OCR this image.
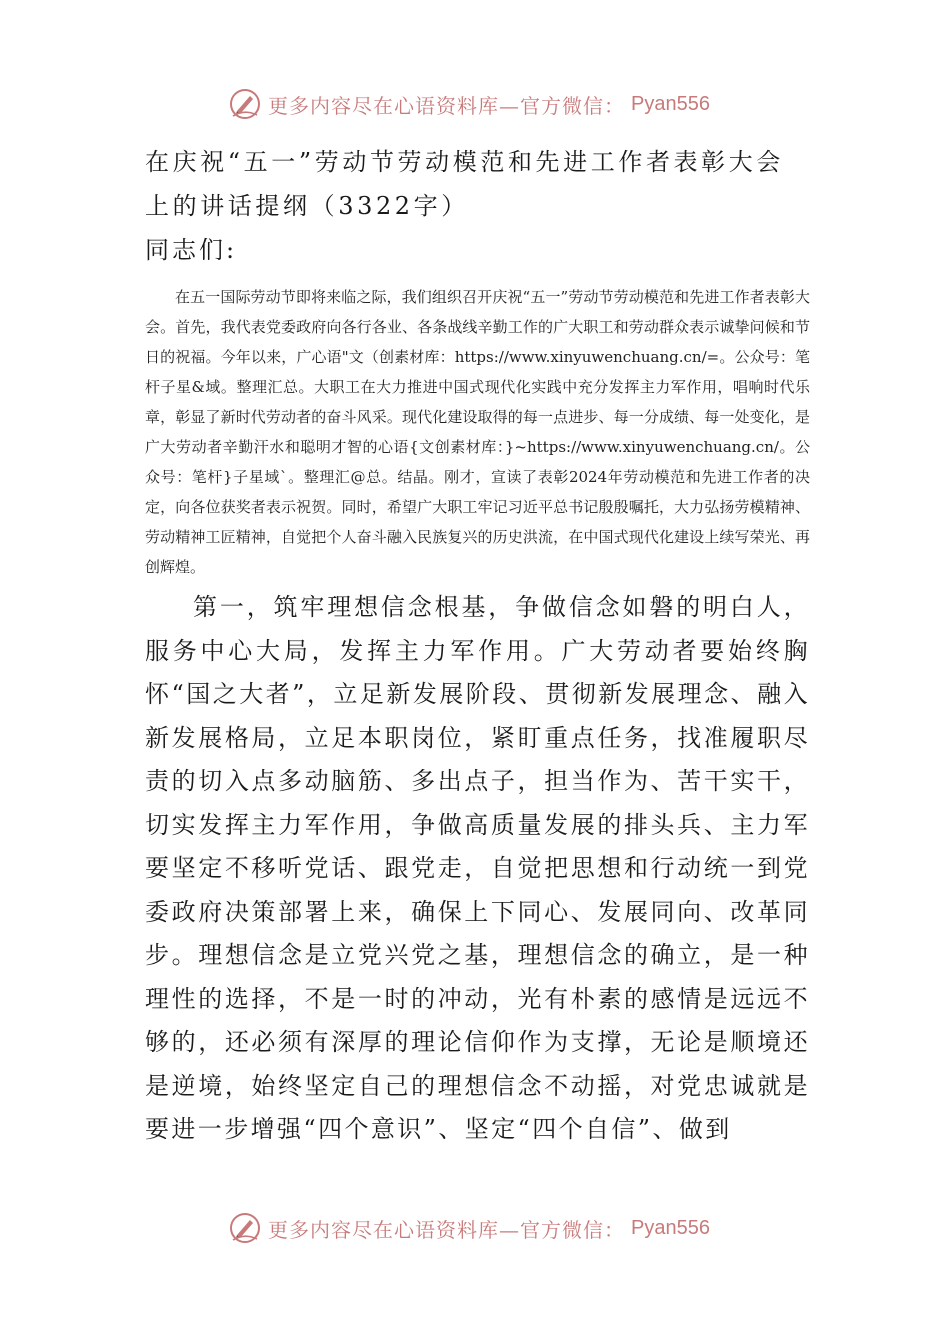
更多内容尽在心语资料库—官方微信： Pyan556
在庆祝“五一”劳动节劳动模范和先进工作者表彰大会上的讲话提纲（3322字）

同志们:

在五一国际劳动节即将来临之际，我们组织召开庆祝“五一”劳动节劳动模范和先进工作者表彰大会。首先，我代表党委政府向各行各业、各条战线辛勤工作的广大职工和劳动群众表示诚挚问候和节日的祝福。今年以来，广心语"文（创素材库：https://www.xinyuwenchuang.cn/=。公众号：笔杆子星&域。整理汇总。大职工在大力推进中国式现代化实践中充分发挥主力军作用，唱响时代乐章，彰显了新时代劳动者的奋斗风采。现代化建设取得的每一点进步、每一分成绩、每一处变化，是广大劳动者辛勤汗水和聪明才智的心语{文创素材库：}~https://www.xinyuwenchuang.cn/。公众号：笔杆}子星域`。整理汇@总。结晶。刚才，宣读了表彰2024年劳动模范和先进工作者的决定，向各位获奖者表示祝贺。同时，希望广大职工牢记习近平总书记殷殷嘱托，大力弘扬劳模精神、劳动精神工匠精神，自觉把个人奋斗融入民族复兴的历史洪流，在中国式现代化建设上续写荣光、再创辉煌。

第一，筑牢理想信念根基，争做信念如磐的明白人，服务中心大局，发挥主力军作用。广大劳动者要始终胸怀“国之大者”，立足新发展阶段、贯彻新发展理念、融入新发展格局，立足本职岗位，紧盯重点任务，找准履职尽责的切入点多动脑筋、多出点子，担当作为、苦干实干，切实发挥主力军作用，争做高质量发展的排头兵、主力军要坚定不移听党话、跟党走，自觉把思想和行动统一到党委政府决策部署上来，确保上下同心、发展同向、改革同步。理想信念是立党兴党之基，理想信念的确立，是一种理性的选择，不是一时的冲动，光有朴素的感情是远远不够的，还必须有深厚的理论信仰作为支撑，无论是顺境还是逆境，始终坚定自己的理想信念不动摇，对党忠诚就是要进一步增强“四个意识”、坚定“四个自信”、做到

更多内容尽在心语资料库—官方微信： Pyan556
